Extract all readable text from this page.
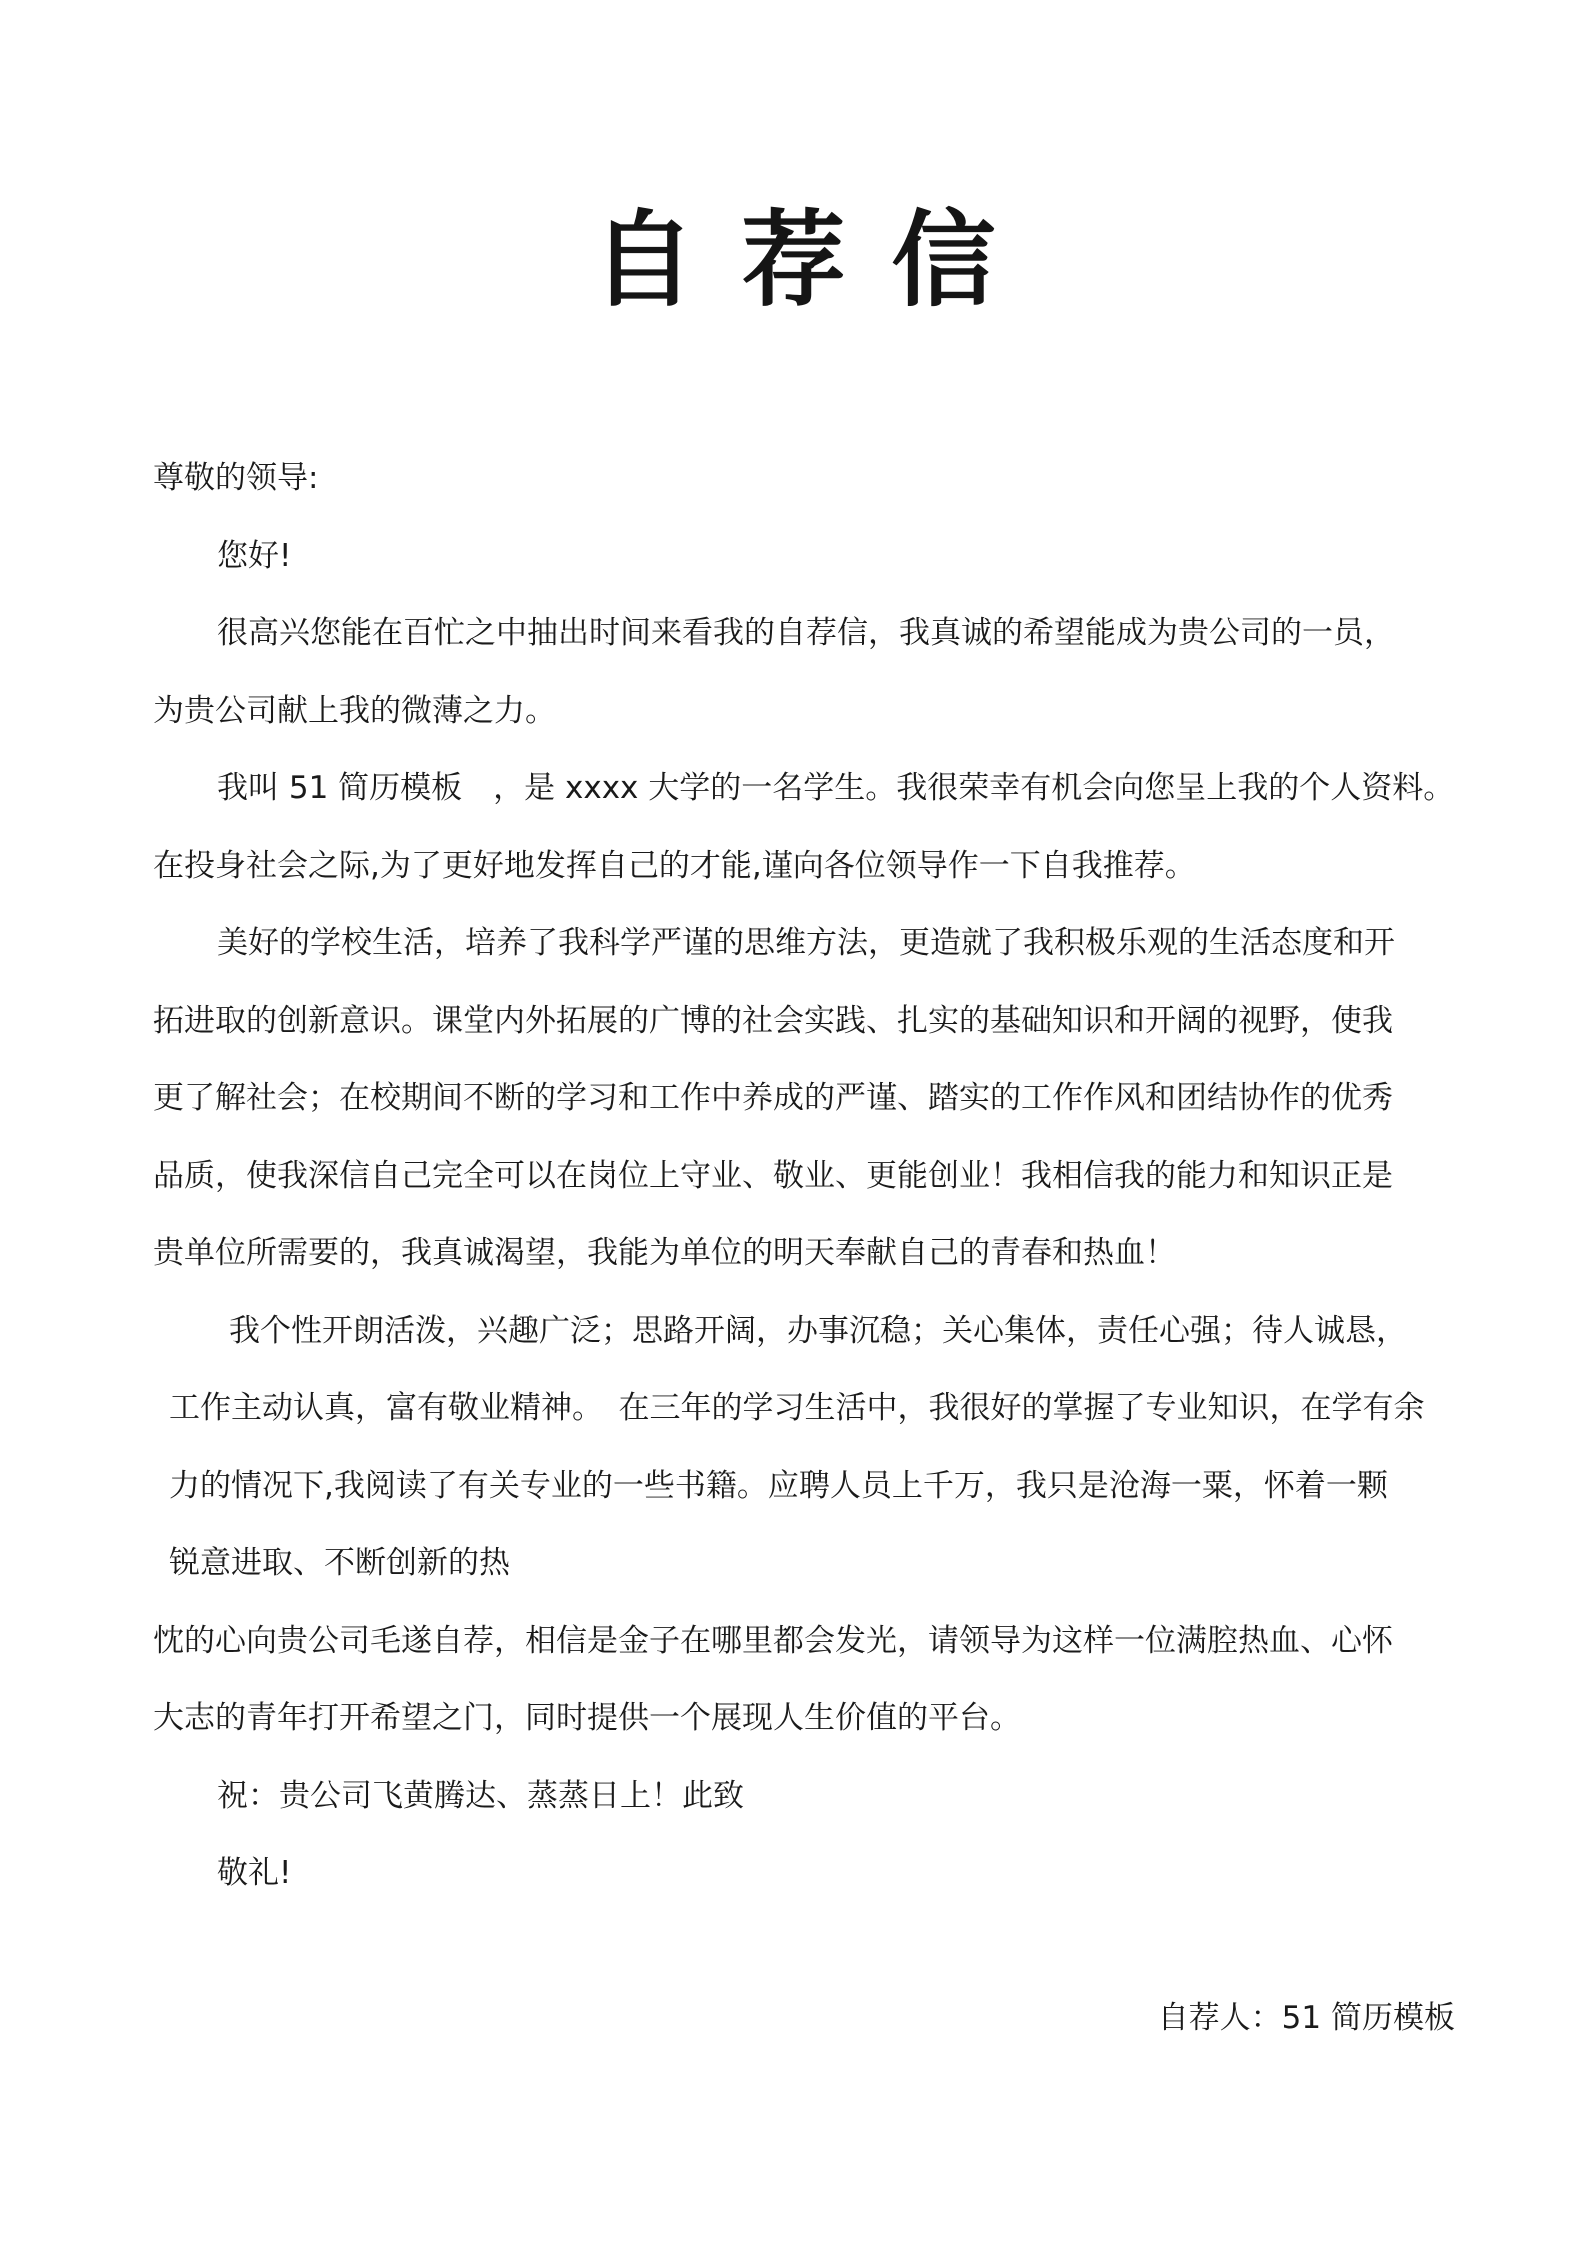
自荐信
尊敬的领导:
您好!
很高兴您能在百忙之中抽出时间来看我的自荐信，我真诚的希望能成为贵公司的一员，
为贵公司献上我的微薄之力。
我叫 51 简历模板　，是 xxxx 大学的一名学生。我很荣幸有机会向您呈上我的个人资料。
在投身社会之际,为了更好地发挥自己的才能,谨向各位领导作一下自我推荐。
美好的学校生活，培养了我科学严谨的思维方法，更造就了我积极乐观的生活态度和开
拓进取的创新意识。课堂内外拓展的广博的社会实践、扎实的基础知识和开阔的视野，使我
更了解社会；在校期间不断的学习和工作中养成的严谨、踏实的工作作风和团结协作的优秀
品质，使我深信自己完全可以在岗位上守业、敬业、更能创业！我相信我的能力和知识正是
贵单位所需要的，我真诚渴望，我能为单位的明天奉献自己的青春和热血！
我个性开朗活泼，兴趣广泛；思路开阔，办事沉稳；关心集体，责任心强；待人诚恳，
工作主动认真，富有敬业精神。　在三年的学习生活中，我很好的掌握了专业知识，在学有余
力的情况下,我阅读了有关专业的一些书籍。应聘人员上千万，我只是沧海一粟，怀着一颗
锐意进取、不断创新的热
忱的心向贵公司毛遂自荐，相信是金子在哪里都会发光，请领导为这样一位满腔热血、心怀
大志的青年打开希望之门，同时提供一个展现人生价值的平台。
祝：贵公司飞黄腾达、蒸蒸日上！此致
敬礼!
自荐人：51 简历模板
